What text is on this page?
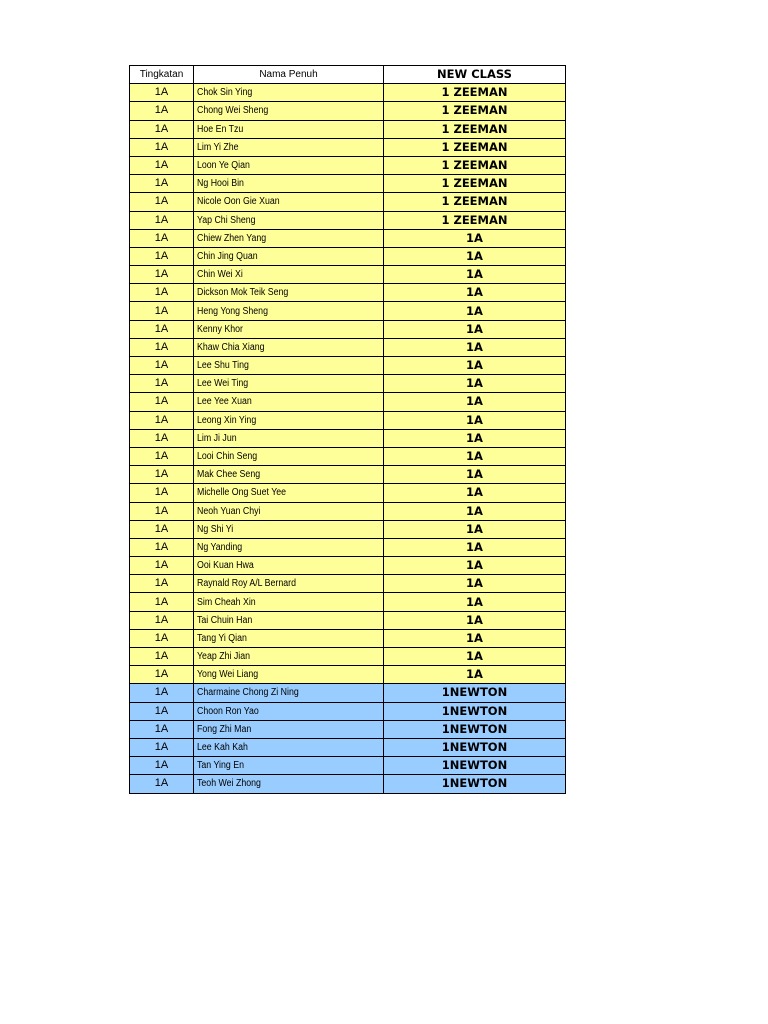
Tingkatan	Nama Penuh	NEW CLASS
1A	Chok Sin Ying	1 ZEEMAN
1A	Chong Wei Sheng	1 ZEEMAN
1A	Hoe En Tzu	1 ZEEMAN
1A	Lim Yi Zhe	1 ZEEMAN
1A	Loon Ye Qian	1 ZEEMAN
1A	Ng Hooi Bin	1 ZEEMAN
1A	Nicole Oon Gie Xuan	1 ZEEMAN
1A	Yap Chi Sheng	1 ZEEMAN
1A	Chiew Zhen Yang	1A
1A	Chin Jing Quan	1A
1A	Chin Wei Xi	1A
1A	Dickson Mok Teik Seng	1A
1A	Heng Yong Sheng	1A
1A	Kenny Khor	1A
1A	Khaw Chia Xiang	1A
1A	Lee Shu Ting	1A
1A	Lee Wei Ting	1A
1A	Lee Yee Xuan	1A
1A	Leong Xin Ying	1A
1A	Lim Ji Jun	1A
1A	Looi Chin Seng	1A
1A	Mak Chee Seng	1A
1A	Michelle Ong Suet Yee	1A
1A	Neoh Yuan Chyi	1A
1A	Ng Shi Yi	1A
1A	Ng Yanding	1A
1A	Ooi Kuan Hwa	1A
1A	Raynald Roy A/L Bernard	1A
1A	Sim Cheah Xin	1A
1A	Tai Chuin Han	1A
1A	Tang Yi Qian	1A
1A	Yeap Zhi Jian	1A
1A	Yong Wei Liang	1A
1A	Charmaine Chong Zi Ning	1NEWTON
1A	Choon Ron Yao	1NEWTON
1A	Fong Zhi Man	1NEWTON
1A	Lee Kah Kah	1NEWTON
1A	Tan Ying En	1NEWTON
1A	Teoh Wei Zhong	1NEWTON
